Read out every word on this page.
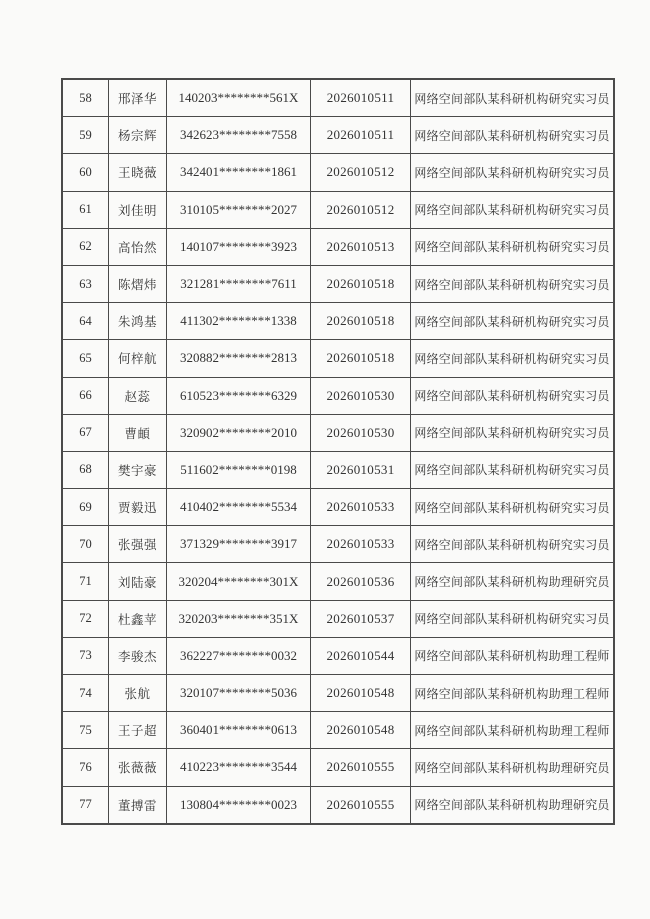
58	邢泽华	140203********561X	2026010511	网络空间部队某科研机构研究实习员
59	杨宗辉	342623********7558	2026010511	网络空间部队某科研机构研究实习员
60	王晓薇	342401********1861	2026010512	网络空间部队某科研机构研究实习员
61	刘佳明	310105********2027	2026010512	网络空间部队某科研机构研究实习员
62	高怡然	140107********3923	2026010513	网络空间部队某科研机构研究实习员
63	陈熠炜	321281********7611	2026010518	网络空间部队某科研机构研究实习员
64	朱鸿基	411302********1338	2026010518	网络空间部队某科研机构研究实习员
65	何梓航	320882********2813	2026010518	网络空间部队某科研机构研究实习员
66	赵蕊	610523********6329	2026010530	网络空间部队某科研机构研究实习员
67	曹頔	320902********2010	2026010530	网络空间部队某科研机构研究实习员
68	樊宇豪	511602********0198	2026010531	网络空间部队某科研机构研究实习员
69	贾毅迅	410402********5534	2026010533	网络空间部队某科研机构研究实习员
70	张强强	371329********3917	2026010533	网络空间部队某科研机构研究实习员
71	刘陆豪	320204********301X	2026010536	网络空间部队某科研机构助理研究员
72	杜鑫苹	320203********351X	2026010537	网络空间部队某科研机构研究实习员
73	李骏杰	362227********0032	2026010544	网络空间部队某科研机构助理工程师
74	张航	320107********5036	2026010548	网络空间部队某科研机构助理工程师
75	王子超	360401********0613	2026010548	网络空间部队某科研机构助理工程师
76	张薇薇	410223********3544	2026010555	网络空间部队某科研机构助理研究员
77	董搏雷	130804********0023	2026010555	网络空间部队某科研机构助理研究员
